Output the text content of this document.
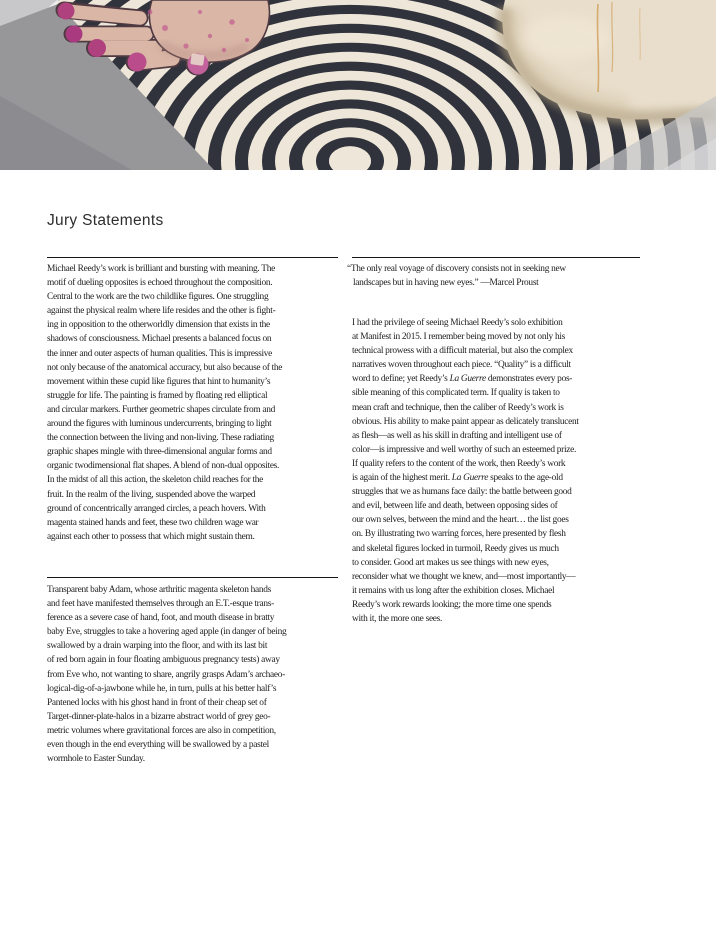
Jury Statements
Michael Reedy’s work is brilliant and bursting with meaning. The
motif of dueling opposites is echoed throughout the composition.
Central to the work are the two childlike figures. One struggling
against the physical realm where life resides and the other is fight-
ing in opposition to the otherworldly dimension that exists in the
shadows of consciousness. Michael presents a balanced focus on
the inner and outer aspects of human qualities. This is impressive
not only because of the anatomical accuracy, but also because of the
movement within these cupid like figures that hint to humanity’s
struggle for life. The painting is framed by floating red elliptical
and circular markers. Further geometric shapes circulate from and
around the figures with luminous undercurrents, bringing to light
the connection between the living and non-living. These radiating
graphic shapes mingle with three-dimensional angular forms and
organic twodimensional flat shapes. A blend of non-dual opposites.
In the midst of all this action, the skeleton child reaches for the
fruit. In the realm of the living, suspended above the warped
ground of concentrically arranged circles, a peach hovers. With
magenta stained hands and feet, these two children wage war
against each other to possess that which might sustain them.
Transparent baby Adam, whose arthritic magenta skeleton hands
and feet have manifested themselves through an E.T.-esque trans-
ference as a severe case of hand, foot, and mouth disease in bratty
baby Eve, struggles to take a hovering aged apple (in danger of being
swallowed by a drain warping into the floor, and with its last bit
of red born again in four floating ambiguous pregnancy tests) away
from Eve who, not wanting to share, angrily grasps Adam’s archaeo-
logical-dig-of-a-jawbone while he, in turn, pulls at his better half’s
Pantened locks with his ghost hand in front of their cheap set of
Target-dinner-plate-halos in a bizarre abstract world of grey geo-
metric volumes where gravitational forces are also in competition,
even though in the end everything will be swallowed by a pastel
wormhole to Easter Sunday.
“The only real voyage of discovery consists not in seeking new
landscapes but in having new eyes.” —Marcel Proust
I had the privilege of seeing Michael Reedy’s solo exhibition
at Manifest in 2015. I remember being moved by not only his
technical prowess with a difficult material, but also the complex
narratives woven throughout each piece. “Quality” is a difficult
word to define; yet Reedy’s La Guerre demonstrates every pos-
sible meaning of this complicated term. If quality is taken to
mean craft and technique, then the caliber of Reedy’s work is
obvious. His ability to make paint appear as delicately translucent
as flesh—as well as his skill in drafting and intelligent use of
color—is impressive and well worthy of such an esteemed prize.
If quality refers to the content of the work, then Reedy’s work
is again of the highest merit. La Guerre speaks to the age-old
struggles that we as humans face daily: the battle between good
and evil, between life and death, between opposing sides of
our own selves, between the mind and the heart… the list goes
on. By illustrating two warring forces, here presented by flesh
and skeletal figures locked in turmoil, Reedy gives us much
to consider. Good art makes us see things with new eyes,
reconsider what we thought we knew, and—most importantly—
it remains with us long after the exhibition closes. Michael
Reedy’s work rewards looking; the more time one spends
with it, the more one sees.
